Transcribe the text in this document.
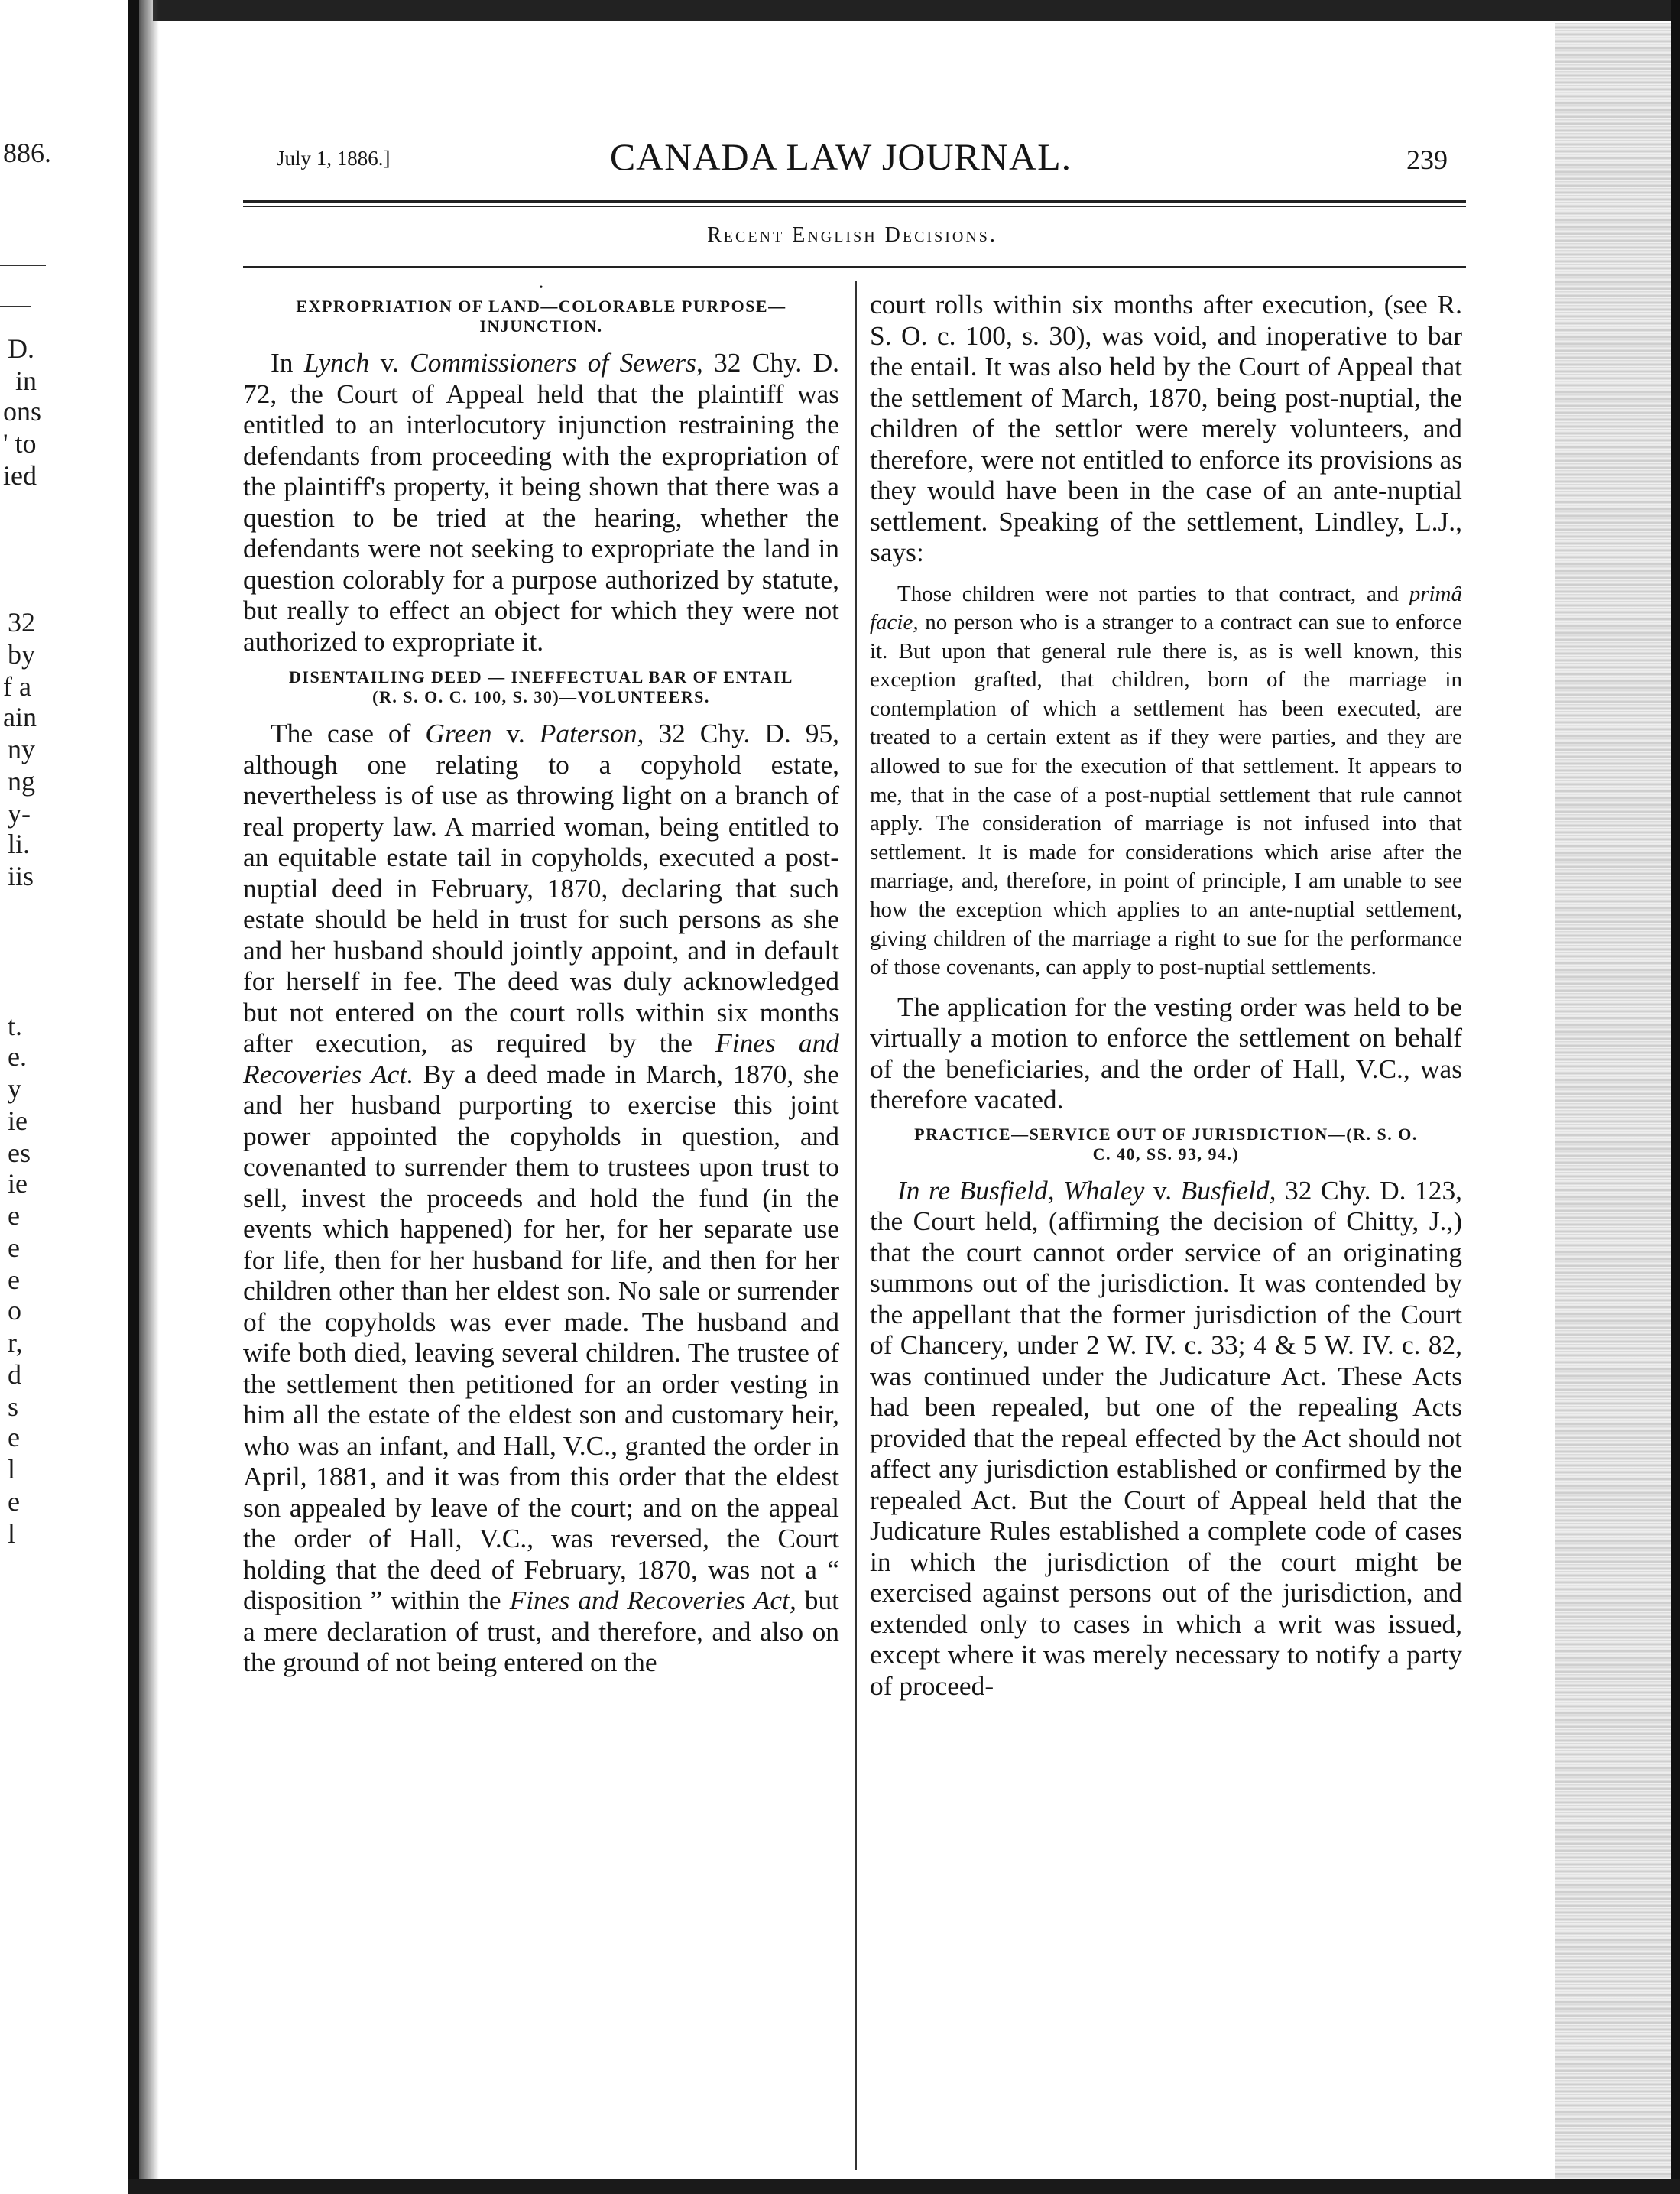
886.
D.
in
ons
' to
ied
32
by
f a
ain
ny
ng
y-
li.
iis
t.
e.
y
ie
es
ie
e
e
e
o
r,
d
s
e
l
e
l
July 1, 1886.]	CANADA LAW JOURNAL.	239
Recent English Decisions.
•
EXPROPRIATION OF LAND—COLORABLE PURPOSE—
INJUNCTION.

In Lynch v. Commissioners of Sewers, 32 Chy. D. 72, the Court of Appeal held that the plaintiff was entitled to an interlocutory injunction restraining the defendants from proceeding with the expropriation of the plaintiff's property, it being shown that there was a question to be tried at the hearing, whether the defendants were not seeking to expropriate the land in question colorably for a purpose authorized by statute, but really to effect an object for which they were not authorized to expropriate it.

DISENTAILING DEED — INEFFECTUAL BAR OF ENTAIL
(R. S. O. C. 100, S. 30)—VOLUNTEERS.

The case of Green v. Paterson, 32 Chy. D. 95, although one relating to a copyhold estate, nevertheless is of use as throwing light on a branch of real property law. A married woman, being entitled to an equitable estate tail in copyholds, executed a post-nuptial deed in February, 1870, declaring that such estate should be held in trust for such persons as she and her husband should jointly appoint, and in default for herself in fee. The deed was duly acknowledged but not entered on the court rolls within six months after execution, as required by the Fines and Recoveries Act. By a deed made in March, 1870, she and her husband purporting to exercise this joint power appointed the copyholds in question, and covenanted to surrender them to trustees upon trust to sell, invest the proceeds and hold the fund (in the events which happened) for her, for her separate use for life, then for her husband for life, and then for her children other than her eldest son. No sale or surrender of the copyholds was ever made. The husband and wife both died, leaving several children. The trustee of the settlement then petitioned for an order vesting in him all the estate of the eldest son and customary heir, who was an infant, and Hall, V.C., granted the order in April, 1881, and it was from this order that the eldest son appealed by leave of the court; and on the appeal the order of Hall, V.C., was reversed, the Court holding that the deed of February, 1870, was not a “ disposition ” within the Fines and Recoveries Act, but a mere declaration of trust, and therefore, and also on the ground of not being entered on the

court rolls within six months after execution, (see R. S. O. c. 100, s. 30), was void, and inoperative to bar the entail. It was also held by the Court of Appeal that the settlement of March, 1870, being post-nuptial, the children of the settlor were merely volunteers, and therefore, were not entitled to enforce its provisions as they would have been in the case of an ante-nuptial settlement. Speaking of the settlement, Lindley, L.J., says:

Those children were not parties to that contract, and primâ facie, no person who is a stranger to a contract can sue to enforce it. But upon that general rule there is, as is well known, this exception grafted, that children, born of the marriage in contemplation of which a settlement has been executed, are treated to a certain extent as if they were parties, and they are allowed to sue for the execution of that settlement. It appears to me, that in the case of a post-nuptial settlement that rule cannot apply. The consideration of marriage is not infused into that settlement. It is made for considerations which arise after the marriage, and, therefore, in point of principle, I am unable to see how the exception which applies to an ante-nuptial settlement, giving children of the marriage a right to sue for the performance of those covenants, can apply to post-nuptial settlements.

The application for the vesting order was held to be virtually a motion to enforce the settlement on behalf of the beneficiaries, and the order of Hall, V.C., was therefore vacated.

PRACTICE—SERVICE OUT OF JURISDICTION—(R. S. O.
C. 40, SS. 93, 94.)

In re Busfield, Whaley v. Busfield, 32 Chy. D. 123, the Court held, (affirming the decision of Chitty, J.,) that the court cannot order service of an originating summons out of the jurisdiction. It was contended by the appellant that the former jurisdiction of the Court of Chancery, under 2 W. IV. c. 33; 4 & 5 W. IV. c. 82, was continued under the Judicature Act. These Acts had been repealed, but one of the repealing Acts provided that the repeal effected by the Act should not affect any jurisdiction established or confirmed by the repealed Act. But the Court of Appeal held that the Judicature Rules established a complete code of cases in which the jurisdiction of the court might be exercised against persons out of the jurisdiction, and extended only to cases in which a writ was issued, except where it was merely necessary to notify a party of proceed-
